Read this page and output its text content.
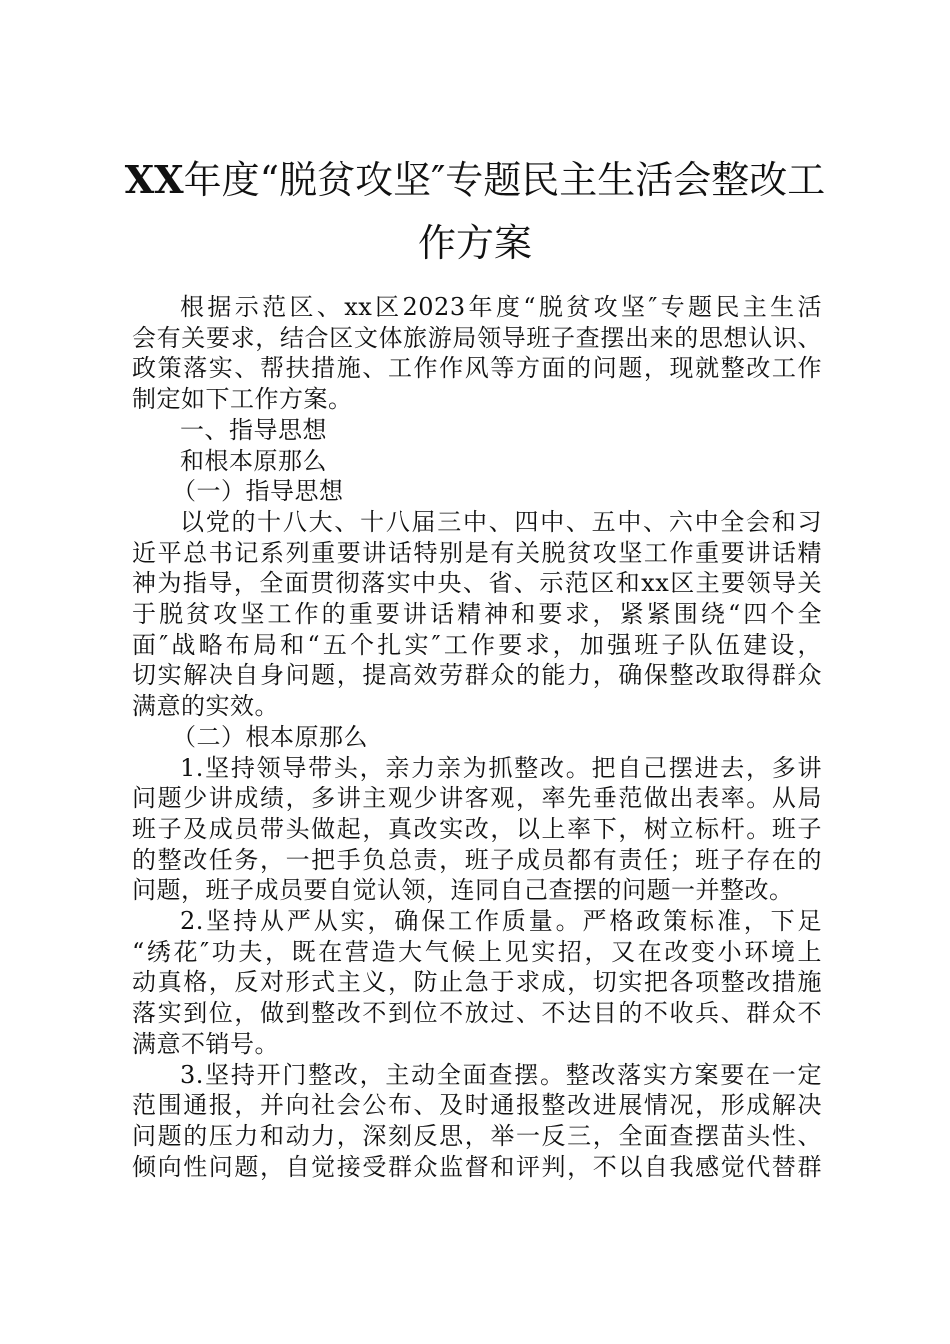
XX年度“脱贫攻坚″专题民主生活会整改工
作方案

根据示范区、xx区2023年度“脱贫攻坚″专题民主生活

会有关要求，结合区文体旅游局领导班子查摆出来的思想认识、

政策落实、帮扶措施、工作作风等方面的问题，现就整改工作

制定如下工作方案。

一、指导思想

和根本原那么

（一）指导思想

以党的十八大、十八届三中、四中、五中、六中全会和习

近平总书记系列重要讲话特别是有关脱贫攻坚工作重要讲话精

神为指导，全面贯彻落实中央、省、示范区和xx区主要领导关

于脱贫攻坚工作的重要讲话精神和要求，紧紧围绕“四个全

面″战略布局和“五个扎实″工作要求，加强班子队伍建设，

切实解决自身问题，提高效劳群众的能力，确保整改取得群众

满意的实效。

（二）根本原那么

1.坚持领导带头，亲力亲为抓整改。把自己摆进去，多讲

问题少讲成绩，多讲主观少讲客观，率先垂范做出表率。从局

班子及成员带头做起，真改实改，以上率下，树立标杆。班子

的整改任务，一把手负总责，班子成员都有责任；班子存在的

问题，班子成员要自觉认领，连同自己查摆的问题一并整改。

2.坚持从严从实，确保工作质量。严格政策标准，下足

“绣花″功夫，既在营造大气候上见实招，又在改变小环境上

动真格，反对形式主义，防止急于求成，切实把各项整改措施

落实到位，做到整改不到位不放过、不达目的不收兵、群众不

满意不销号。

3.坚持开门整改，主动全面查摆。整改落实方案要在一定

范围通报，并向社会公布、及时通报整改进展情况，形成解决

问题的压力和动力，深刻反思，举一反三，全面查摆苗头性、

倾向性问题，自觉接受群众监督和评判，不以自我感觉代替群
